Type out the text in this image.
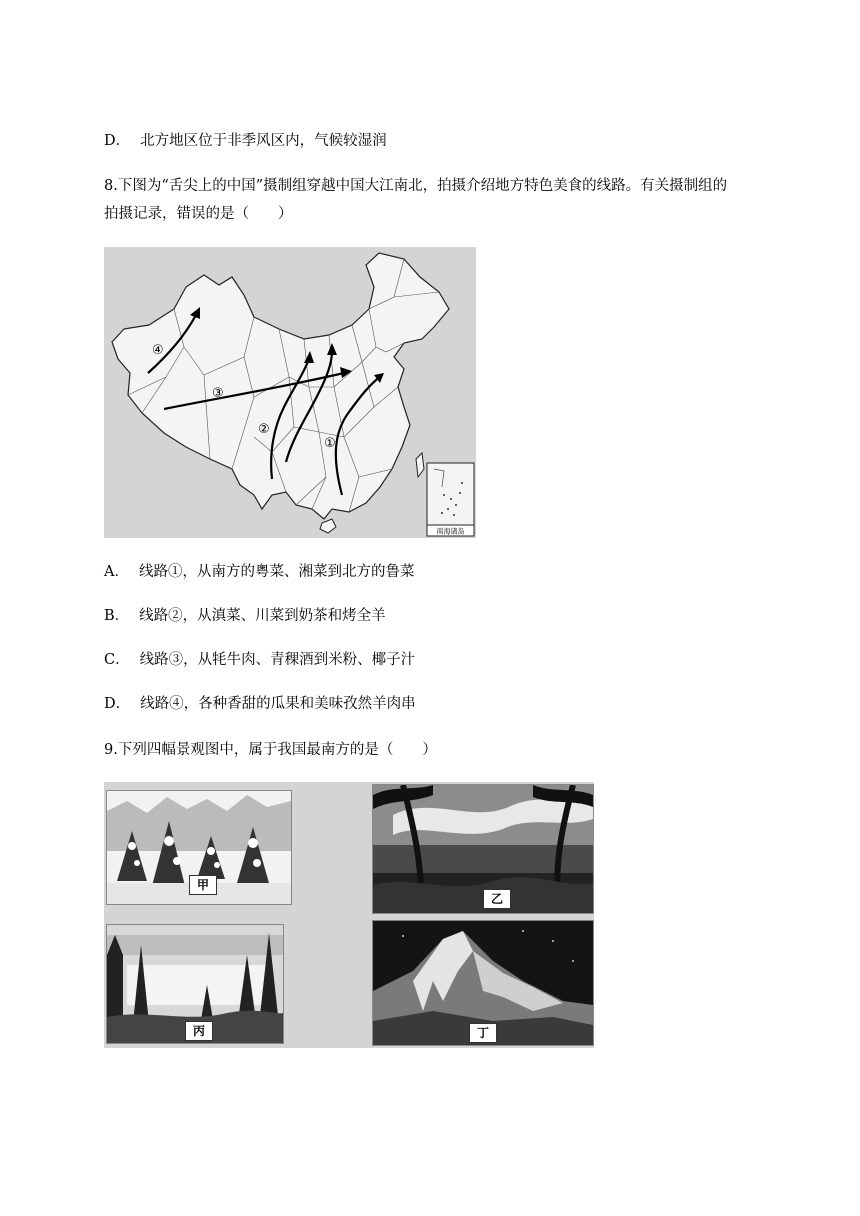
D． 北方地区位于非季风区内，气候较湿润
8.下图为“舌尖上的中国”摄制组穿越中国大江南北，拍摄介绍地方特色美食的线路。有关摄制组的
拍摄记录，错误的是（　　）
①
②
③
④
南海诸岛
A． 线路①，从南方的粤菜、湘菜到北方的鲁菜
B． 线路②，从滇菜、川菜到奶茶和烤全羊
C． 线路③，从牦牛肉、青稞酒到米粉、椰子汁
D． 线路④，各种香甜的瓜果和美味孜然羊肉串
9.下列四幅景观图中，属于我国最南方的是（　　）
甲
乙
丙	丁
